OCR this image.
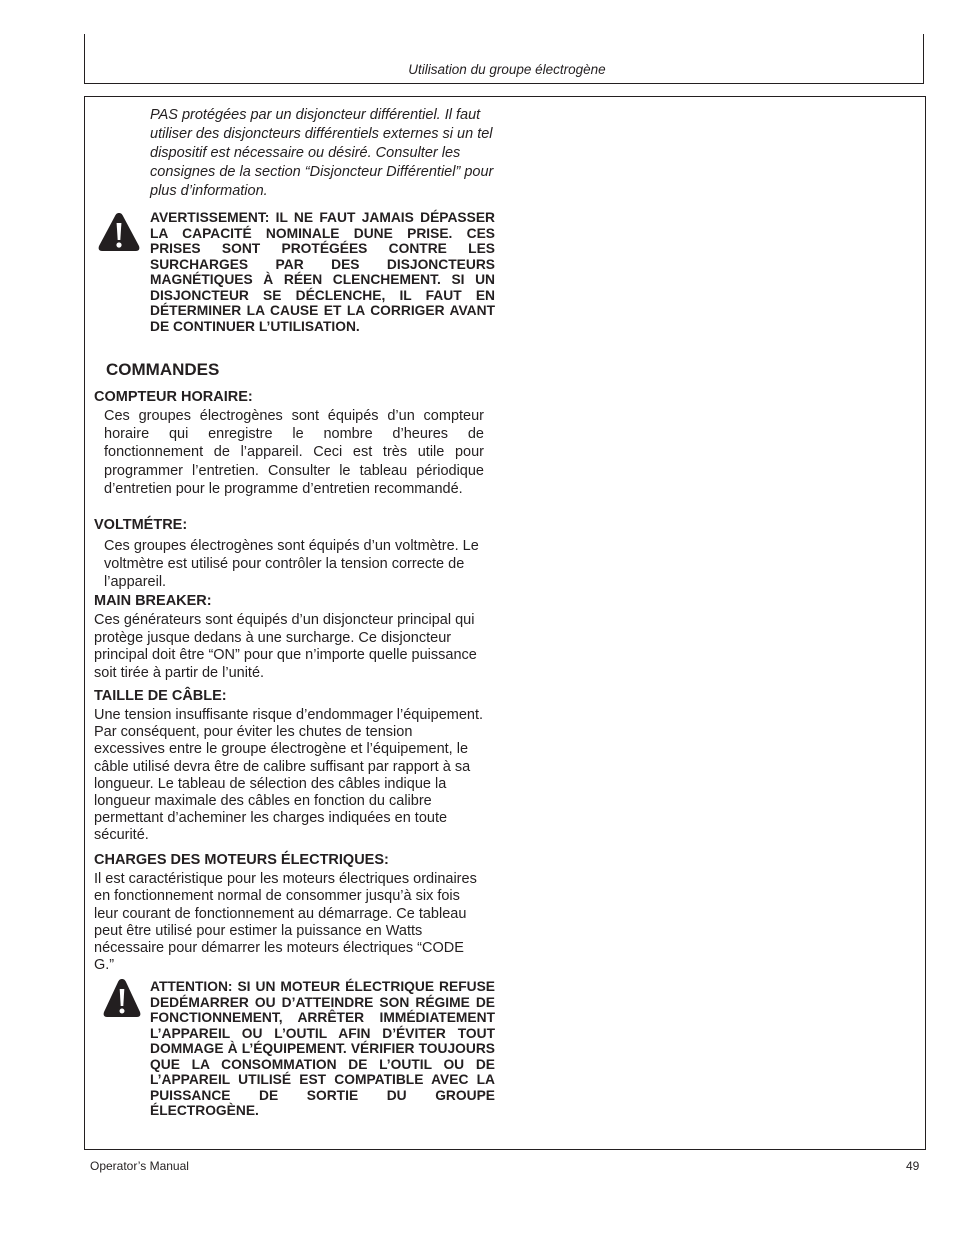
Utilisation du groupe électrogène

PAS protégées par un disjoncteur différentiel. Il faut utiliser des disjoncteurs différentiels externes si un tel dispositif est nécessaire ou désiré. Consulter les consignes de la section “Disjoncteur Différentiel” pour plus d’information.

AVERTISSEMENT: IL NE FAUT JAMAIS DÉPASSER LA CAPACITÉ NOMINALE DUNE PRISE. CES PRISES SONT PROTÉGÉES CONTRE LES SURCHARGES PAR DES DISJONCTEURS MAGNÉTIQUES À RÉEN CLENCHEMENT. SI UN DISJONCTEUR SE DÉCLENCHE, IL FAUT EN DÉTERMINER LA CAUSE ET LA CORRIGER AVANT DE CONTINUER L’UTILISATION.

COMMANDES
COMPTEUR HORAIRE:

Ces groupes électrogènes sont équipés d’un compteur horaire qui enregistre le nombre d’heures de fonctionnement de l’appareil. Ceci est très utile pour programmer l’entretien. Consulter le tableau périodique d’entretien pour le programme d’entretien recommandé.

VOLTMÉTRE:

Ces groupes électrogènes sont équipés d’un voltmètre. Le voltmètre est utilisé pour contrôler la tension correcte de l’appareil.

MAIN BREAKER:

Ces générateurs sont équipés d’un disjoncteur principal qui protège jusque dedans à une surcharge. Ce disjoncteur principal doit être “ON” pour que n’importe quelle puissance soit tirée à partir de l’unité.

TAILLE DE CÂBLE:

Une tension insuffisante risque d’endommager l’équipement. Par conséquent, pour éviter les chutes de tension excessives entre le groupe électrogène et l’équipement, le câble utilisé devra être de calibre suffisant par rapport à sa longueur. Le tableau de sélection des câbles indique la longueur maximale des câbles en fonction du calibre permettant d’acheminer les charges indiquées en toute sécurité.

CHARGES DES MOTEURS ÉLECTRIQUES:

Il est caractéristique pour les moteurs électriques ordinaires en fonctionnement normal de consommer jusqu’à six fois leur courant de fonctionnement au démarrage. Ce tableau peut être utilisé pour estimer la puissance en Watts nécessaire pour démarrer les moteurs électriques “CODE G.”

ATTENTION: SI UN MOTEUR ÉLECTRIQUE REFUSE DEDÉMARRER OU D’ATTEINDRE SON RÉGIME DE FONCTIONNEMENT, ARRÊTER IMMÉDIATEMENT L’APPAREIL OU L’OUTIL AFIN D’ÉVITER TOUT DOMMAGE À L’ÉQUIPEMENT. VÉRIFIER TOUJOURS QUE LA CONSOMMATION DE L’OUTIL OU DE L’APPAREIL UTILISÉ EST COMPATIBLE AVEC LA PUISSANCE DE SORTIE DU GROUPE ÉLECTROGÈNE.

Operator’s Manual	49
